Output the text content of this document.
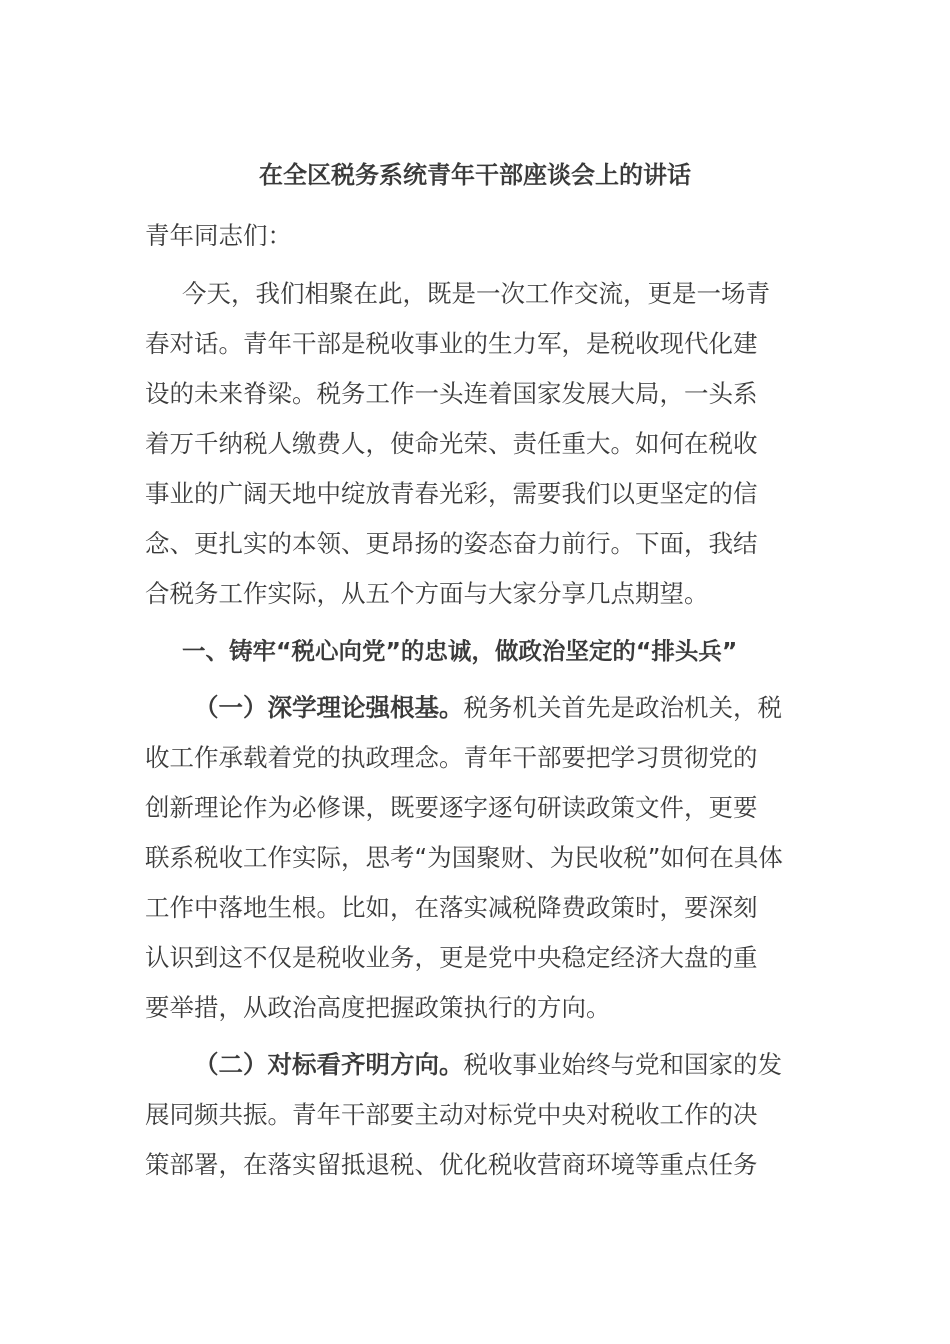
在全区税务系统青年干部座谈会上的讲话
青年同志们：
今天，我们相聚在此，既是一次工作交流，更是一场青
春对话。青年干部是税收事业的生力军，是税收现代化建
设的未来脊梁。税务工作一头连着国家发展大局，一头系
着万千纳税人缴费人，使命光荣、责任重大。如何在税收
事业的广阔天地中绽放青春光彩，需要我们以更坚定的信
念、更扎实的本领、更昂扬的姿态奋力前行。下面，我结
合税务工作实际，从五个方面与大家分享几点期望。
一、铸牢“税心向党”的忠诚，做政治坚定的“排头兵”
（一）深学理论强根基。税务机关首先是政治机关，税
收工作承载着党的执政理念。青年干部要把学习贯彻党的
创新理论作为必修课，既要逐字逐句研读政策文件，更要
联系税收工作实际，思考“为国聚财、为民收税”如何在具体
工作中落地生根。比如，在落实减税降费政策时，要深刻
认识到这不仅是税收业务，更是党中央稳定经济大盘的重
要举措，从政治高度把握政策执行的方向。
（二）对标看齐明方向。税收事业始终与党和国家的发
展同频共振。青年干部要主动对标党中央对税收工作的决
策部署，在落实留抵退税、优化税收营商环境等重点任务
